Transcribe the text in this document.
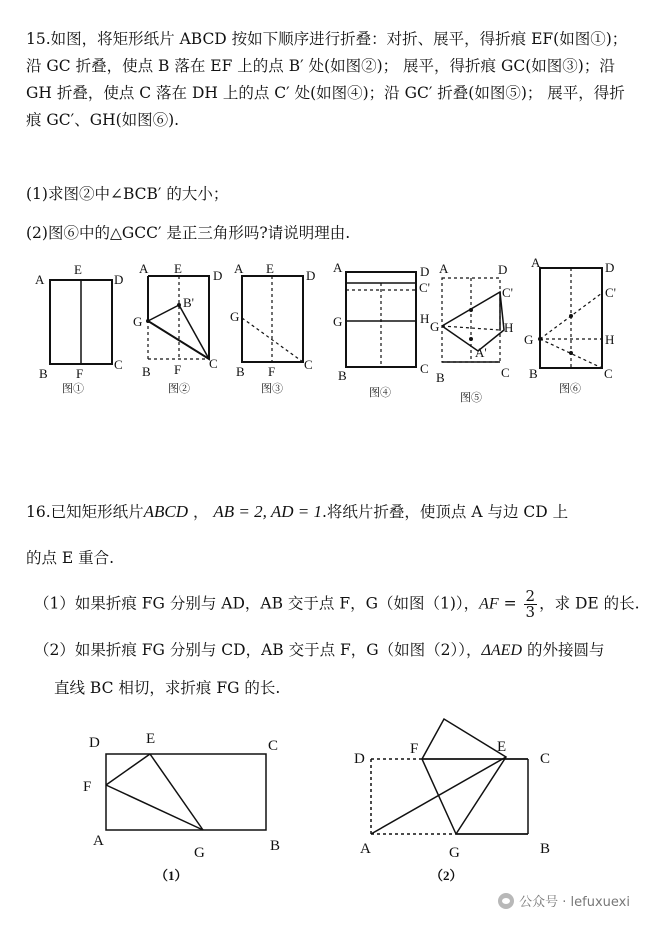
15.如图，将矩形纸片 ABCD 按如下顺序进行折叠：对折、展平，得折痕 EF(如图①)；沿 GC 折叠，使点 B 落在 EF 上的点 B′ 处(如图②)； 展平，得折痕 GC(如图③)；沿 GH 折叠，使点 C 落在 DH 上的点 C′ 处(如图④)；沿 GC′ 折叠(如图⑤)； 展平，得折痕 GC′、GH(如图⑥).

(1)求图②中∠BCB′ 的大小；

(2)图⑥中的△GCC′ 是正三角形吗?请说明理由.

A
E
D
B F
C
图①
A E D
B'
G
B F C
图②
A E D
G
B F C
图③
A	D
C'
G	H
B	C
图④
A	D
C'
G	H
A'
B	C
图⑤
A	D
C'
G	H
B	C
图⑥

16.已知矩形纸片ABCD ， AB = 2, AD = 1.将纸片折叠，使顶点 A 与边 CD 上

的点 E 重合.

（1）如果折痕 FG 分别与 AD，AB 交于点 F，G（如图（1)），AF = $\frac{2}{3}$ ，求 DE 的长.

（2）如果折痕 FG 分别与 CD，AB 交于点 F，G（如图（2）），ΔAED 的外接圆与

直线 BC 相切，求折痕 FG 的长.

D	E	C
F
A
G	B
（1）
D
F	E
C
A	G	B
（2）
公众号 · lefuxuexi
